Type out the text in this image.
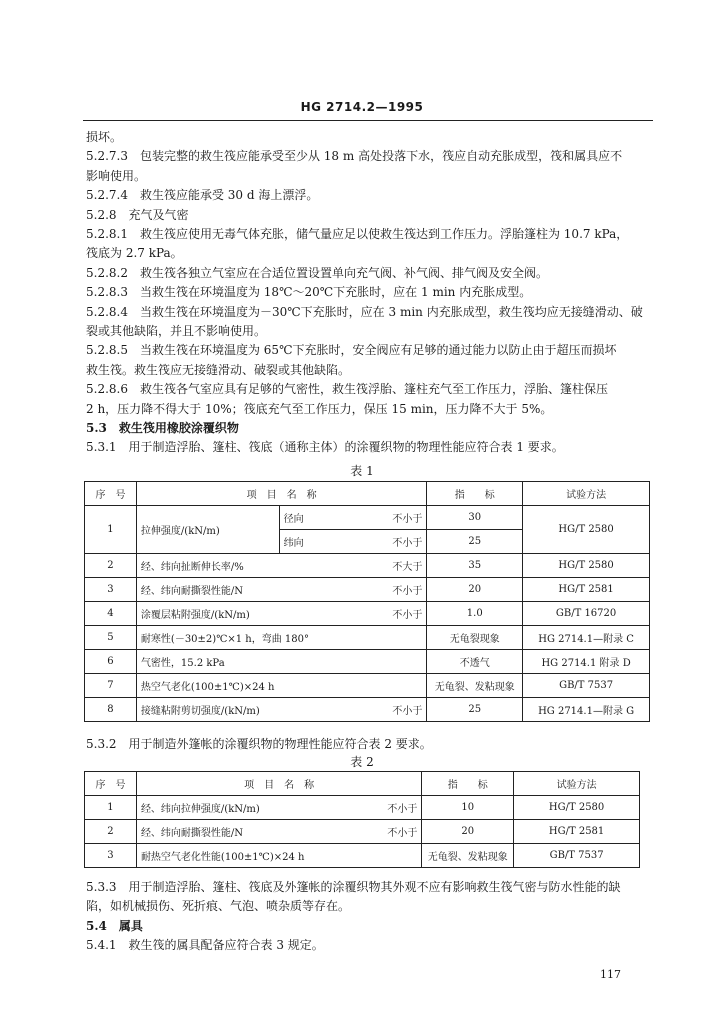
HG 2714.2—1995
损坏。
5.2.7.3　包装完整的救生筏应能承受至少从 18 m 高处投落下水，筏应自动充胀成型，筏和属具应不
影响使用。
5.2.7.4　救生筏应能承受 30 d 海上漂浮。
5.2.8　充气及气密
5.2.8.1　救生筏应使用无毒气体充胀，储气量应足以使救生筏达到工作压力。浮胎篷柱为 10.7 kPa，
筏底为 2.7 kPa。
5.2.8.2　救生筏各独立气室应在合适位置设置单向充气阀、补气阀、排气阀及安全阀。
5.2.8.3　当救生筏在环境温度为 18℃～20℃下充胀时，应在 1 min 内充胀成型。
5.2.8.4　当救生筏在环境温度为－30℃下充胀时，应在 3 min 内充胀成型，救生筏均应无接缝滑动、破
裂或其他缺陷，并且不影响使用。
5.2.8.5　当救生筏在环境温度为 65℃下充胀时，安全阀应有足够的通过能力以防止由于超压而损坏
救生筏。救生筏应无接缝滑动、破裂或其他缺陷。
5.2.8.6　救生筏各气室应具有足够的气密性，救生筏浮胎、篷柱充气至工作压力，浮胎、篷柱保压
2 h，压力降不得大于 10%；筏底充气至工作压力，保压 15 min，压力降不大于 5%。
5.3　救生筏用橡胶涂覆织物
5.3.1　用于制造浮胎、篷柱、筏底（通称主体）的涂覆织物的物理性能应符合表 1 要求。
表 1
序　号	项　目　名　称		指　　标	试验方法
1	拉伸强度/(kN/m)	径向 不小于	30	HG/T 2580

		纬向 不小于	25	
2	经、纬向扯断伸长率/% 不大于		35	HG/T 2580
3	经、纬向耐撕裂性能/N 不小于		20	HG/T 2581
4	涂覆层粘附强度/(kN/m) 不小于		1.0	GB/T 16720
5	耐寒性(－30±2)℃×1 h，弯曲 180°		无龟裂现象	HG 2714.1—附录 C
6	气密性，15.2 kPa		不透气	HG 2714.1 附录 D
7	热空气老化(100±1℃)×24 h		无龟裂、发粘现象	GB/T 7537
8	接缝粘附剪切强度/(kN/m) 不小于		25	HG 2714.1—附录 G
5.3.2　用于制造外篷帐的涂覆织物的物理性能应符合表 2 要求。
表 2
序　号	项　目　名　称	指　　标	试验方法
1	经、纬向拉伸强度/(kN/m) 不小于	10	HG/T 2580
2	经、纬向耐撕裂性能/N 不小于	20	HG/T 2581
3	耐热空气老化性能(100±1℃)×24 h	无龟裂、发粘现象	GB/T 7537
5.3.3　用于制造浮胎、篷柱、筏底及外篷帐的涂覆织物其外观不应有影响救生筏气密与防水性能的缺
陷，如机械损伤、死折痕、气泡、喷杂质等存在。
5.4　属具
5.4.1　救生筏的属具配备应符合表 3 规定。
117
